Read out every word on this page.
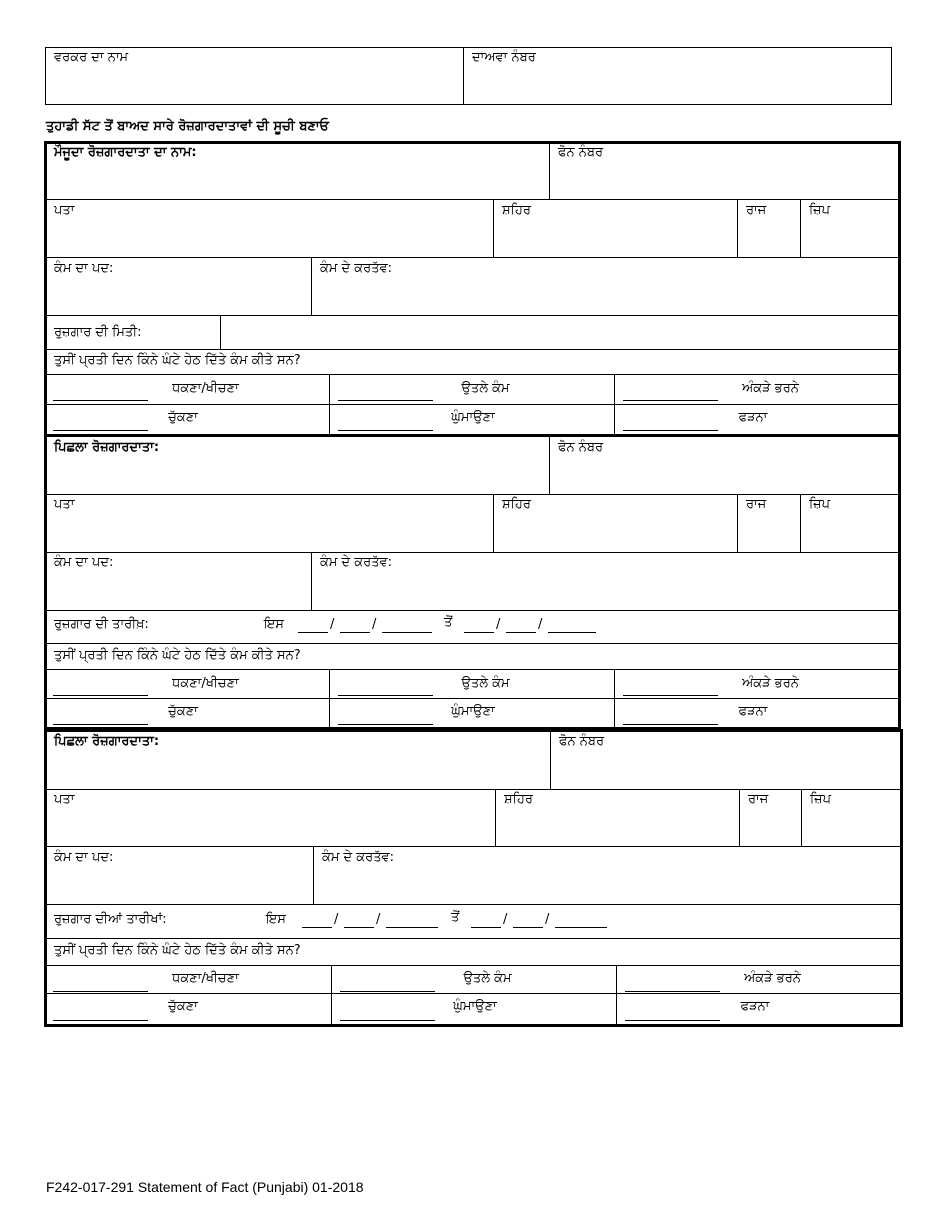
ਵਰਕਰ ਦਾ ਨਾਮ	ਦਾਅਵਾ ਨੰਬਰ
ਤੁਹਾਡੀ ਸੱਟ ਤੋਂ ਬਾਅਦ ਸਾਰੇ ਰੋਜ਼ਗਾਰਦਾਤਾਵਾਂ ਦੀ ਸੂਚੀ ਬਣਾਓ
ਮੌਜੂਦਾ ਰੋਜ਼ਗਾਰਦਾਤਾ ਦਾ ਨਾਮ:	ਫੋਨ ਨੰਬਰ
ਪਤਾ	ਸ਼ਹਿਰ	ਰਾਜ	ਜ਼ਿਪ
ਕੰਮ ਦਾ ਪਦ:	ਕੰਮ ਦੇ ਕਰਤੱਵ:
ਰੁਜ਼ਗਾਰ ਦੀ ਮਿਤੀ:
ਤੁਸੀਂ ਪ੍ਰਤੀ ਦਿਨ ਕਿੰਨੇ ਘੰਟੇ ਹੇਠ ਦਿੱਤੇ ਕੰਮ ਕੀਤੇ ਸਨ?
ਧਕਣਾ/ਖੀਚਣਾ	ਉਤਲੇ ਕੰਮ	ਅੰਕੜੇ ਭਰਨੇ
ਚੁੱਕਣਾ	ਘੁੰਮਾਉਣਾ	ਫੜਨਾ
ਪਿਛਲਾ ਰੋਜ਼ਗਾਰਦਾਤਾ:	ਫੋਨ ਨੰਬਰ
ਪਤਾ	ਸ਼ਹਿਰ	ਰਾਜ	ਜ਼ਿਪ
ਕੰਮ ਦਾ ਪਦ:	ਕੰਮ ਦੇ ਕਰਤੱਵ:
ਰੁਜ਼ਗਾਰ ਦੀ ਤਾਰੀਖ਼:	ਇਸ	/	/	ਤੋਂ	/	/
ਤੁਸੀਂ ਪ੍ਰਤੀ ਦਿਨ ਕਿੰਨੇ ਘੰਟੇ ਹੇਠ ਦਿੱਤੇ ਕੰਮ ਕੀਤੇ ਸਨ?
ਧਕਣਾ/ਖੀਚਣਾ	ਉਤਲੇ ਕੰਮ	ਅੰਕੜੇ ਭਰਨੇ
ਚੁੱਕਣਾ	ਘੁੰਮਾਉਣਾ	ਫੜਨਾ
ਪਿਛਲਾ ਰੋਜ਼ਗਾਰਦਾਤਾ:	ਫੋਨ ਨੰਬਰ
ਪਤਾ	ਸ਼ਹਿਰ	ਰਾਜ	ਜ਼ਿਪ
ਕੰਮ ਦਾ ਪਦ:	ਕੰਮ ਦੇ ਕਰਤੱਵ:
ਰੁਜ਼ਗਾਰ ਦੀਆਂ ਤਾਰੀਖਾਂ:	ਇਸ	/	/	ਤੋਂ	/	/
ਤੁਸੀਂ ਪ੍ਰਤੀ ਦਿਨ ਕਿੰਨੇ ਘੰਟੇ ਹੇਠ ਦਿੱਤੇ ਕੰਮ ਕੀਤੇ ਸਨ?
ਧਕਣਾ/ਖੀਚਣਾ	ਉਤਲੇ ਕੰਮ	ਅੰਕੜੇ ਭਰਨੇ
ਚੁੱਕਣਾ	ਘੁੰਮਾਉਣਾ	ਫੜਨਾ
F242-017-291 Statement of Fact (Punjabi) 01-2018
